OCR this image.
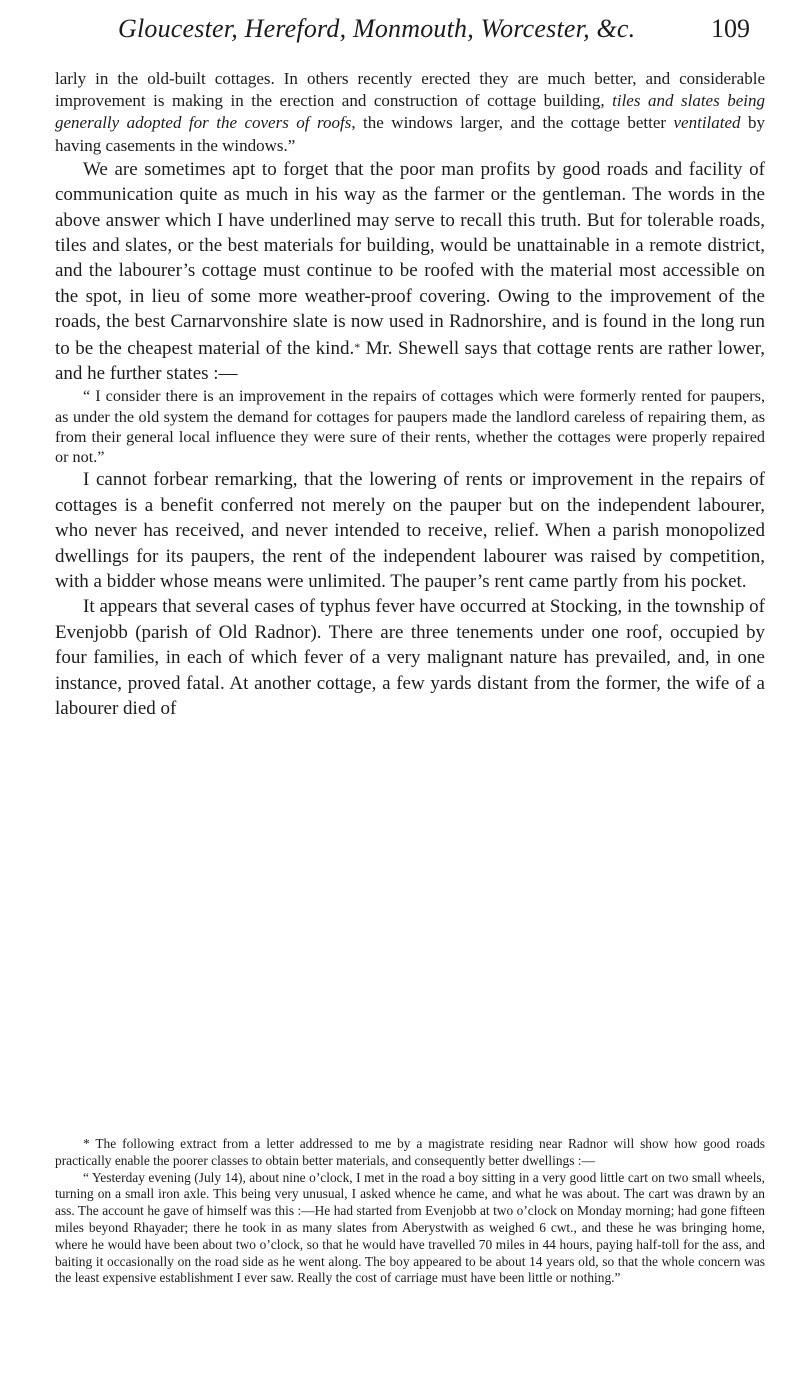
Gloucester, Hereford, Monmouth, Worcester, &c.	109

larly in the old-built cottages. In others recently erected they are much better, and considerable improvement is making in the erection and construction of cottage building, tiles and slates being generally adopted for the covers of roofs, the windows larger, and the cottage better ventilated by having casements in the windows.”

We are sometimes apt to forget that the poor man profits by good roads and facility of communication quite as much in his way as the farmer or the gentleman. The words in the above answer which I have underlined may serve to recall this truth. But for tolerable roads, tiles and slates, or the best materials for building, would be unattainable in a remote district, and the labourer’s cottage must continue to be roofed with the material most accessible on the spot, in lieu of some more weather-proof covering. Owing to the improvement of the roads, the best Carnarvonshire slate is now used in Radnorshire, and is found in the long run to be the cheapest material of the kind.* Mr. Shewell says that cottage rents are rather lower, and he further states :—

“ I consider there is an improvement in the repairs of cottages which were formerly rented for paupers, as under the old system the demand for cottages for paupers made the landlord careless of repairing them, as from their general local influence they were sure of their rents, whether the cottages were properly repaired or not.”

I cannot forbear remarking, that the lowering of rents or improvement in the repairs of cottages is a benefit conferred not merely on the pauper but on the independent labourer, who never has received, and never intended to receive, relief. When a parish monopolized dwellings for its paupers, the rent of the independent labourer was raised by competition, with a bidder whose means were unlimited. The pauper’s rent came partly from his pocket.

It appears that several cases of typhus fever have occurred at Stocking, in the township of Evenjobb (parish of Old Radnor). There are three tenements under one roof, occupied by four families, in each of which fever of a very malignant nature has prevailed, and, in one instance, proved fatal. At another cottage, a few yards distant from the former, the wife of a labourer died of

* The following extract from a letter addressed to me by a magistrate residing near Radnor will show how good roads practically enable the poorer classes to obtain better materials, and consequently better dwellings :—

“ Yesterday evening (July 14), about nine o’clock, I met in the road a boy sitting in a very good little cart on two small wheels, turning on a small iron axle. This being very unusual, I asked whence he came, and what he was about. The cart was drawn by an ass. The account he gave of himself was this :—He had started from Evenjobb at two o’clock on Monday morning; had gone fifteen miles beyond Rhayader; there he took in as many slates from Aberystwith as weighed 6 cwt., and these he was bringing home, where he would have been about two o’clock, so that he would have travelled 70 miles in 44 hours, paying half-toll for the ass, and baiting it occasionally on the road side as he went along. The boy appeared to be about 14 years old, so that the whole concern was the least expensive establishment I ever saw. Really the cost of carriage must have been little or nothing.”
